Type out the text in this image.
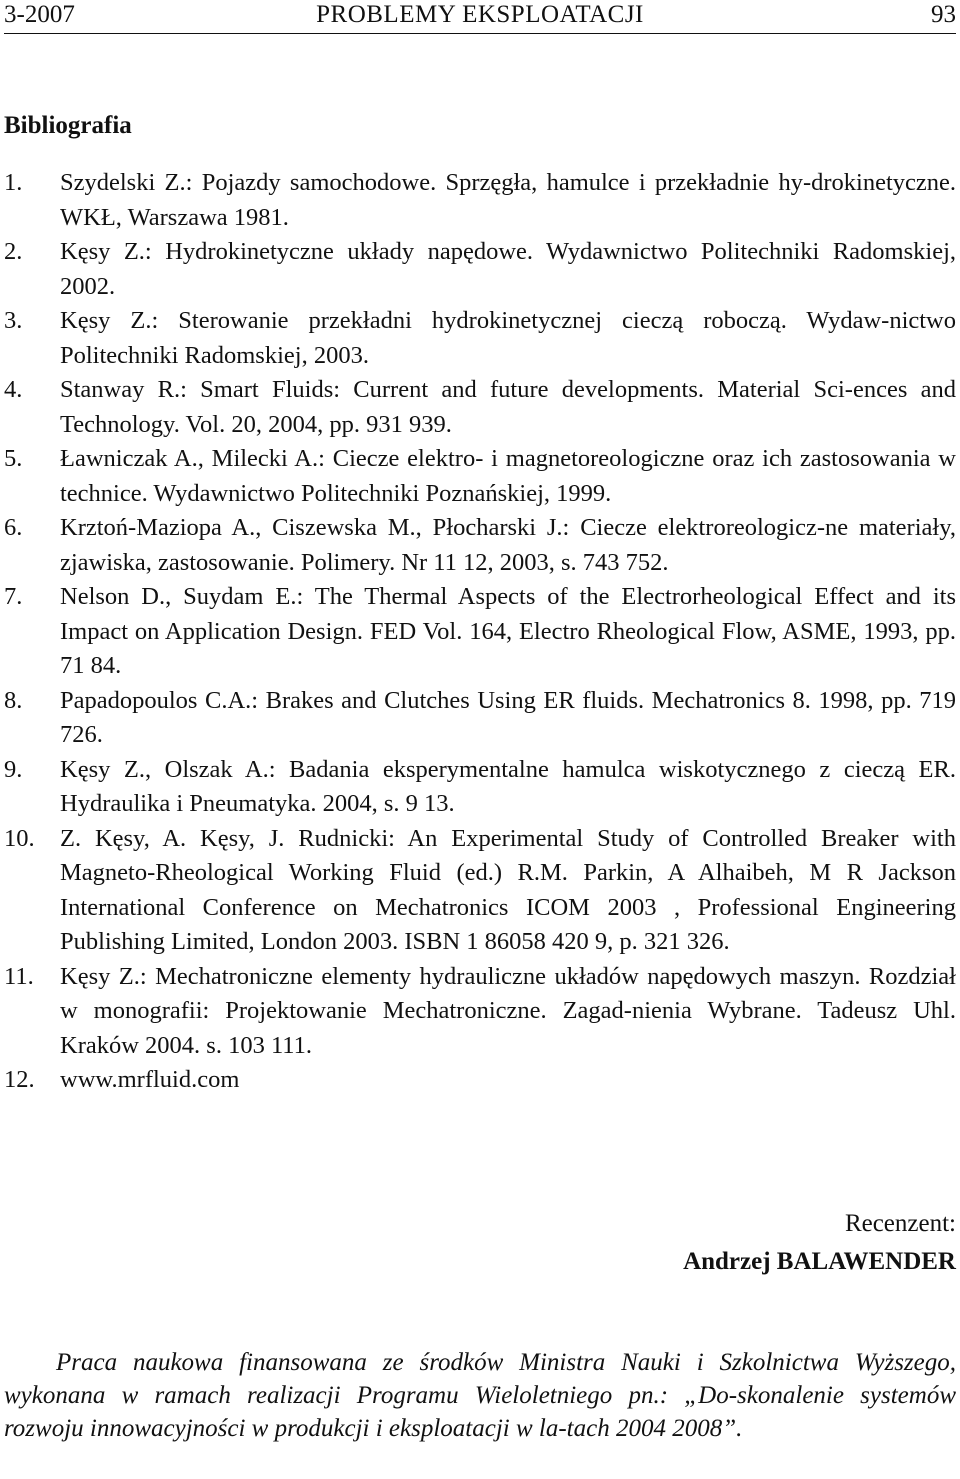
3-2007	PROBLEMY EKSPLOATACJI	93
Bibliografia
1. Szydelski Z.: Pojazdy samochodowe. Sprzęgła, hamulce i przekładnie hy-drokinetyczne. WKŁ, Warszawa 1981.
2. Kęsy Z.: Hydrokinetyczne układy napędowe. Wydawnictwo Politechniki Radomskiej, 2002.
3. Kęsy Z.: Sterowanie przekładni hydrokinetycznej cieczą roboczą. Wydaw-nictwo Politechniki Radomskiej, 2003.
4. Stanway R.: Smart Fluids: Current and future developments. Material Sci-ences and Technology. Vol. 20, 2004, pp. 931 939.
5. Ławniczak A., Milecki A.: Ciecze elektro- i magnetoreologiczne oraz ich zastosowania w technice. Wydawnictwo Politechniki Poznańskiej, 1999.
6. Krztoń-Maziopa A., Ciszewska M., Płocharski J.: Ciecze elektroreologicz-ne materiały, zjawiska, zastosowanie. Polimery. Nr 11 12, 2003, s. 743 752.
7. Nelson D., Suydam E.: The Thermal Aspects of the Electrorheological Effect and its Impact on Application Design. FED Vol. 164, Electro Rheological Flow, ASME, 1993, pp. 71 84.
8. Papadopoulos C.A.: Brakes and Clutches Using ER fluids. Mechatronics 8. 1998, pp. 719 726.
9. Kęsy Z., Olszak A.: Badania eksperymentalne hamulca wiskotycznego z cieczą ER. Hydraulika i Pneumatyka. 2004, s. 9 13.
10. Z. Kęsy, A. Kęsy, J. Rudnicki: An Experimental Study of Controlled Breaker with Magneto-Rheological Working Fluid (ed.) R.M. Parkin, A Alhaibeh, M R Jackson International Conference on Mechatronics ICOM 2003 , Professional Engineering Publishing Limited, London 2003. ISBN 1 86058 420 9, p. 321 326.
11. Kęsy Z.: Mechatroniczne elementy hydrauliczne układów napędowych maszyn. Rozdział w monografii: Projektowanie Mechatroniczne. Zagad-nienia Wybrane. Tadeusz Uhl. Kraków 2004. s. 103 111.
12. www.mrfluid.com
Recenzent:
Andrzej BALAWENDER

Praca naukowa finansowana ze środków Ministra Nauki i Szkolnictwa Wyższego, wykonana w ramach realizacji Programu Wieloletniego pn.: „Do-skonalenie systemów rozwoju innowacyjności w produkcji i eksploatacji w la-tach 2004 2008”.
